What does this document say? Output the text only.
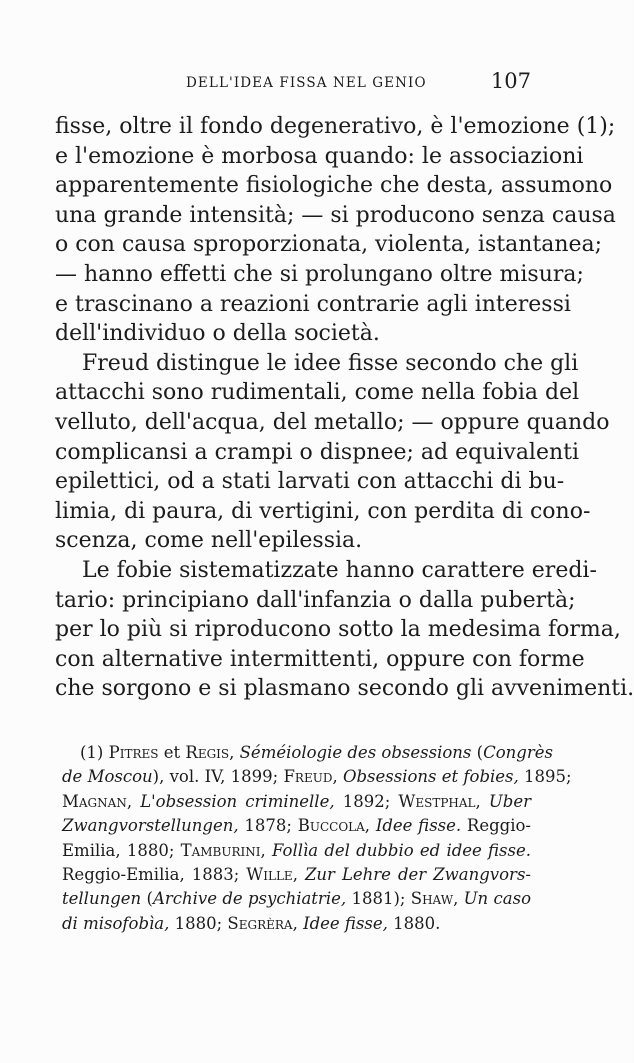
DELL'IDEA FISSA NEL GENIO	107
fisse, oltre il fondo degenerativo, è l'emozione (1);
e l'emozione è morbosa quando: le associazioni
apparentemente fisiologiche che desta, assumono
una grande intensità; — si producono senza causa
o con causa sproporzionata, violenta, istantanea;
— hanno effetti che si prolungano oltre misura;
e trascinano a reazioni contrarie agli interessi
dell'individuo o della società.
Freud distingue le idee fisse secondo che gli
attacchi sono rudimentali, come nella fobia del
velluto, dell'acqua, del metallo; — oppure quando
complicansi a crampi o dispnee; ad equivalenti
epilettici, od a stati larvati con attacchi di bu-
limia, di paura, di vertigini, con perdita di cono-
scenza, come nell'epilessia.
Le fobie sistematizzate hanno carattere eredi-
tario: principiano dall'infanzia o dalla pubertà;
per lo più si riproducono sotto la medesima forma,
con alternative intermittenti, oppure con forme
che sorgono e si plasmano secondo gli avvenimenti.
(1) Pitres et Regis, Séméiologie des obsessions (Congrès
de Moscou), vol. IV, 1899; Freud, Obsessions et fobies, 1895;
Magnan, L'obsession criminelle, 1892; Westphal, Uber
Zwangvorstellungen, 1878; Buccola, Idee fisse. Reggio-
Emilia, 1880; Tamburini, Follìa del dubbio ed idee fisse.
Reggio-Emilia, 1883; Wille, Zur Lehre der Zwangvors-
tellungen (Archive de psychiatrie, 1881); Shaw, Un caso
di misofobìa, 1880; Segrèra, Idee fisse, 1880.
